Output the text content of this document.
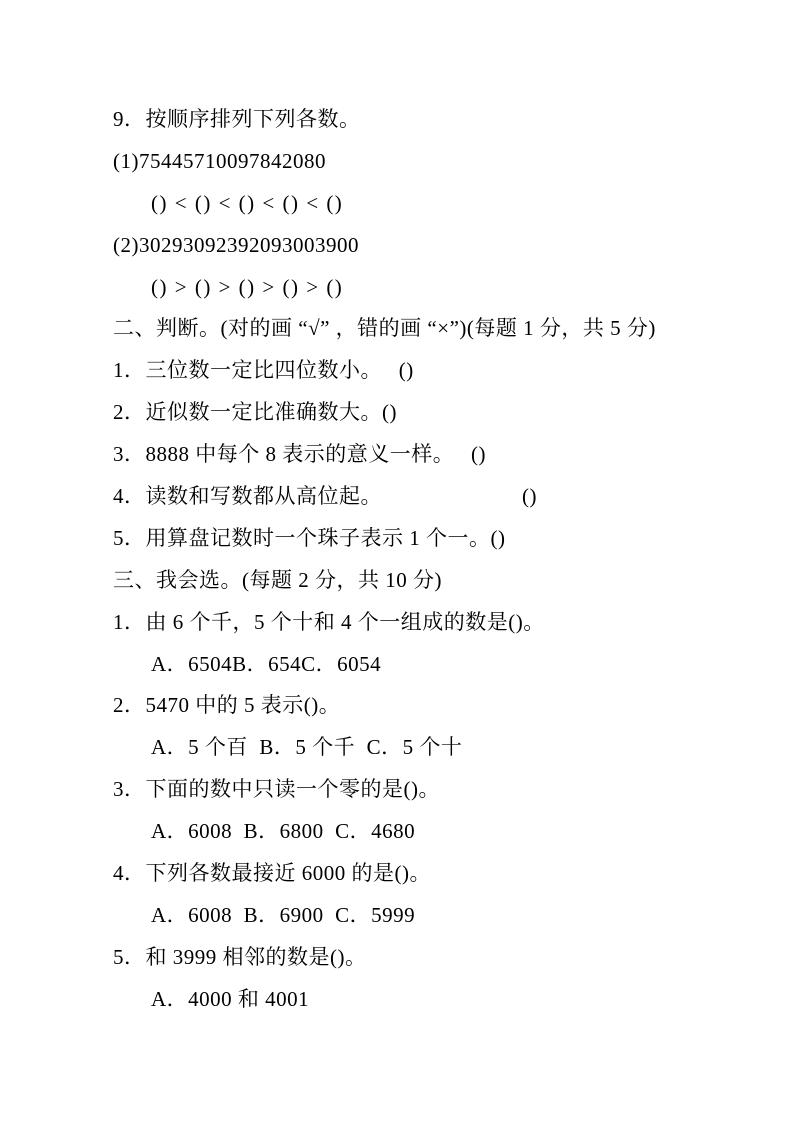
9．按顺序排列下列各数。
(1)75445710097842080
() < () < () < () < ()
(2)30293092392093003900
() > () > () > () > ()
二、判断。(对的画 “√” ，错的画 “×”)(每题 1 分，共 5 分)
1．三位数一定比四位数小。　 ()
2．近似数一定比准确数大。()
3．8888 中每个 8 表示的意义一样。　 ()
4．读数和写数都从高位起。　　　　　　　()
5．用算盘记数时一个珠子表示 1 个一。()
三、我会选。(每题 2 分，共 10 分)
1．由 6 个千，5 个十和 4 个一组成的数是()。
A．6504B．654C．6054
2．5470 中的 5 表示()。
A．5 个百  B．5 个千  C．5 个十
3．下面的数中只读一个零的是()。
A．6008  B．6800  C．4680
4．下列各数最接近 6000 的是()。
A．6008  B．6900  C．5999
5．和 3999 相邻的数是()。
A．4000 和 4001
